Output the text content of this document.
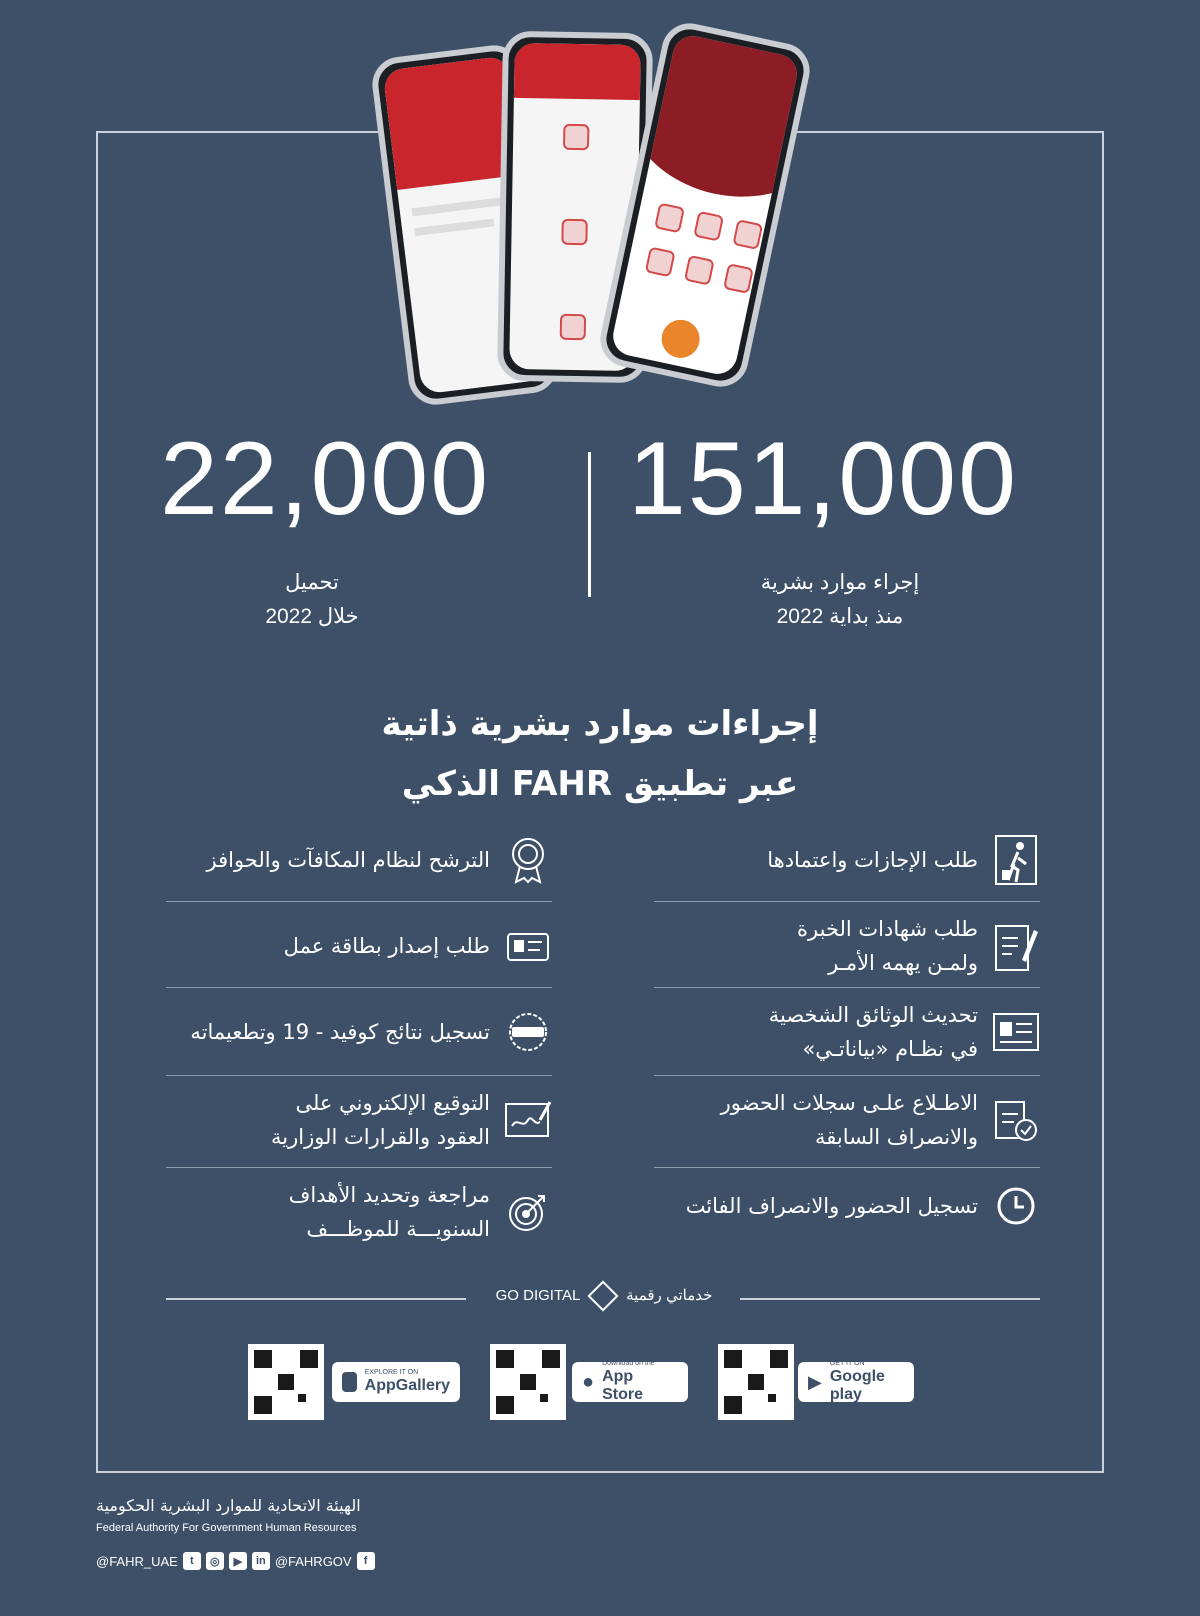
22,000
تحميل
خلال 2022
151,000
إجراء موارد بشرية
منذ بداية 2022
إجراءات موارد بشرية ذاتية
عبر تطبيق FAHR الذكي
طلب الإجازات واعتمادها
طلب شهادات الخبرة ولمـن يهمه الأمـر
تحديث الوثائق الشخصية في نظـام «بياناتـي»
الاطـلاع علـى سجلات الحضور والانصراف السابقة
تسجيل الحضور والانصراف الفائت
الترشح لنظام المكافآت والحوافز
طلب إصدار بطاقة عمل
تسجيل نتائج كوفيد - 19 وتطعيماته
التوقيع الإلكتروني على العقود والقرارات الوزارية
مراجعة وتحديد الأهداف السنويـــة للموظـــف
GO DIGITAL	خدماتي رقمية
EXPLORE IT ON
AppGallery	●
Download on the
App Store
▶
GET IT ON
Google play
الهيئة الاتحادية للموارد البشرية الحكومية
Federal Authority For Government Human Resources
@FAHR_UAE	t	◎	▶	in @FAHRGOV	f
